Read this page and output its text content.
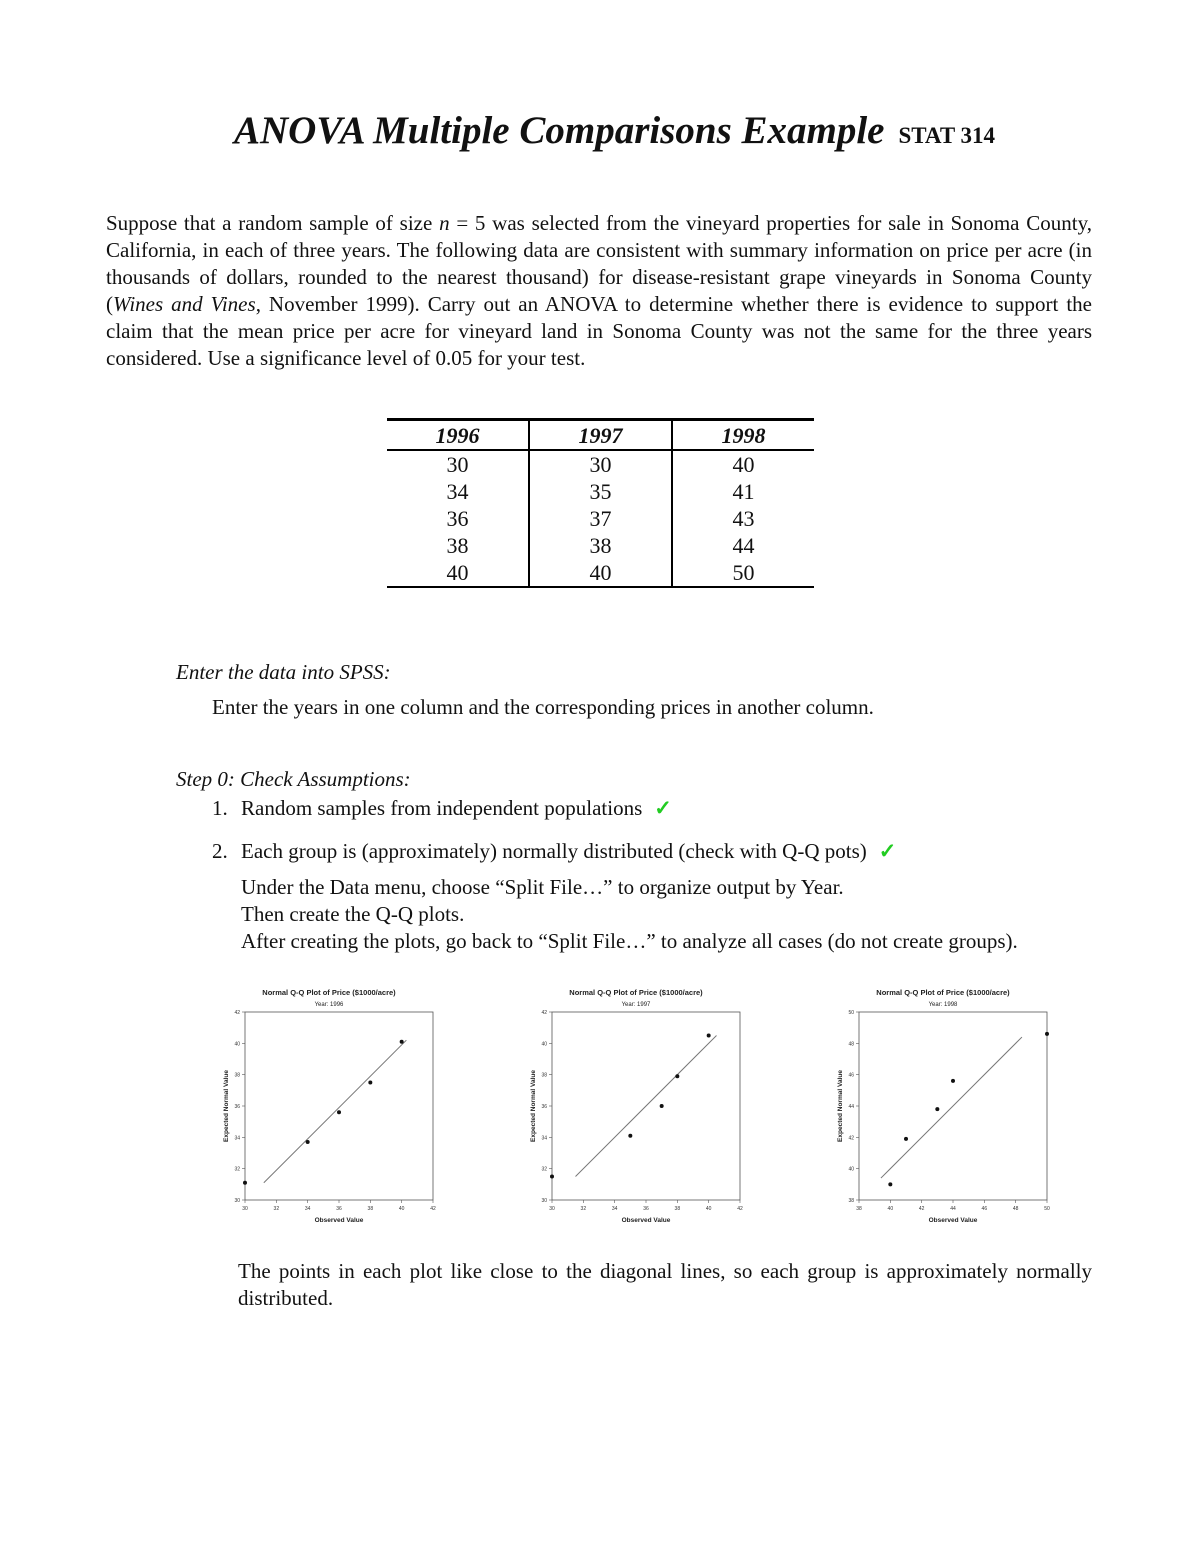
ANOVA Multiple Comparisons Example STAT 314
Suppose that a random sample of size n = 5 was selected from the vineyard properties for sale in Sonoma County, California, in each of three years. The following data are consistent with summary information on price per acre (in thousands of dollars, rounded to the nearest thousand) for disease-resistant grape vineyards in Sonoma County (Wines and Vines, November 1999). Carry out an ANOVA to determine whether there is evidence to support the claim that the mean price per acre for vineyard land in Sonoma County was not the same for the three years considered. Use a significance level of 0.05 for your test.
1996	1997	1998
30	30	40
34	35	41
36	37	43
38	38	44
40	40	50
Enter the data into SPSS:
Enter the years in one column and the corresponding prices in another column.
Step 0: Check Assumptions:
1. Random samples from independent populations ✓
2. Each group is (approximately) normally distributed (check with Q-Q pots) ✓
Under the Data menu, choose “Split File…” to organize output by Year.
Then create the Q-Q plots.
After creating the plots, go back to “Split File…” to analyze all cases (do not create groups).
Normal Q-Q Plot of Price ($1000/acre)
Year: 1996
30	32	34	36	38	40	42
30
32
34
36
38
40
42
Observed Value
Expected Normal Value
Normal Q-Q Plot of Price ($1000/acre)
Year: 1997
30	32	34	36	38	40	42
30
32
34
36
38
40
42
Observed Value
Expected Normal Value
Normal Q-Q Plot of Price ($1000/acre)
Year: 1998
38	40	42	44	46	48	50
38
40
42
44
46
48
50
Observed Value
Expected Normal Value
The points in each plot like close to the diagonal lines, so each group is approximately normally distributed.
